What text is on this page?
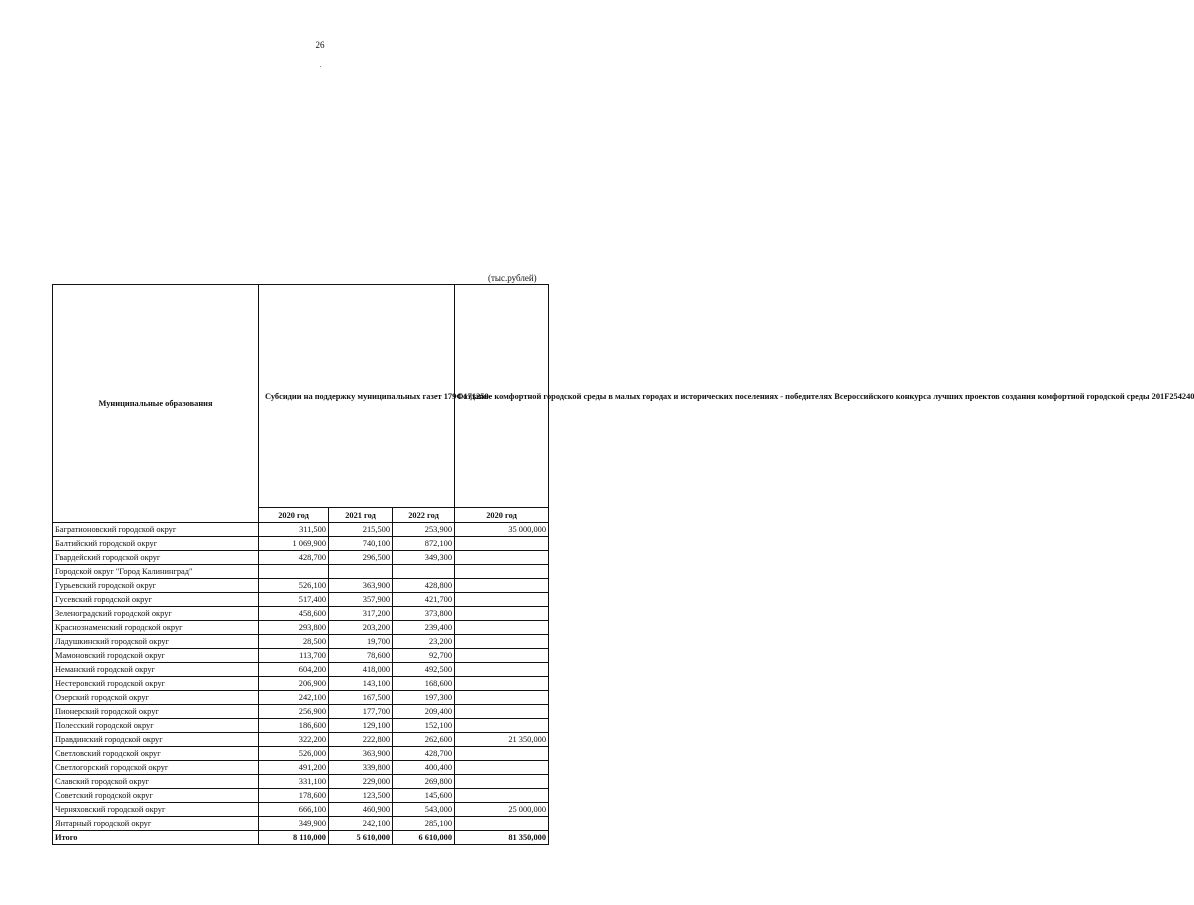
26
(тыс.рублей)
Муниципальные образования	Субсидии на поддержку муниципальных газет 179Ф171250			Создание комфортной городской среды в малых городах и исторических поселениях - победителях Всероссийского конкурса лучших проектов создания комфортной городской среды 201F254240
	2020 год	2021 год	2022 год	2020 год
Багратионовский городской округ	311,500	215,500	253,900	35 000,000
Балтийский городской округ	1 069,900	740,100	872,100	
Гвардейский городской округ	428,700	296,500	349,300	
Городской округ "Город Калининград"				
Гурьевский городской округ	526,100	363,900	428,800	
Гусевский городской округ	517,400	357,900	421,700	
Зеленоградский городской округ	458,600	317,200	373,800	
Краснознаменский городской округ	293,800	203,200	239,400	
Ладушкинский городской округ	28,500	19,700	23,200	
Мамоновский городской округ	113,700	78,600	92,700	
Неманский городской округ	604,200	418,000	492,500	
Нестеровский городской округ	206,900	143,100	168,600	
Озерский городской округ	242,100	167,500	197,300	
Пионерский городской округ	256,900	177,700	209,400	
Полесский городской округ	186,600	129,100	152,100	
Правдинский городской округ	322,200	222,800	262,600	21 350,000
Светловский городской округ	526,000	363,900	428,700	
Светлогорский городской округ	491,200	339,800	400,400	
Славский городской округ	331,100	229,000	269,800	
Советский городской округ	178,600	123,500	145,600	
Черняховский городской округ	666,100	460,900	543,000	25 000,000
Янтарный городской округ	349,900	242,100	285,100	
Итого	8 110,000	5 610,000	6 610,000	81 350,000
